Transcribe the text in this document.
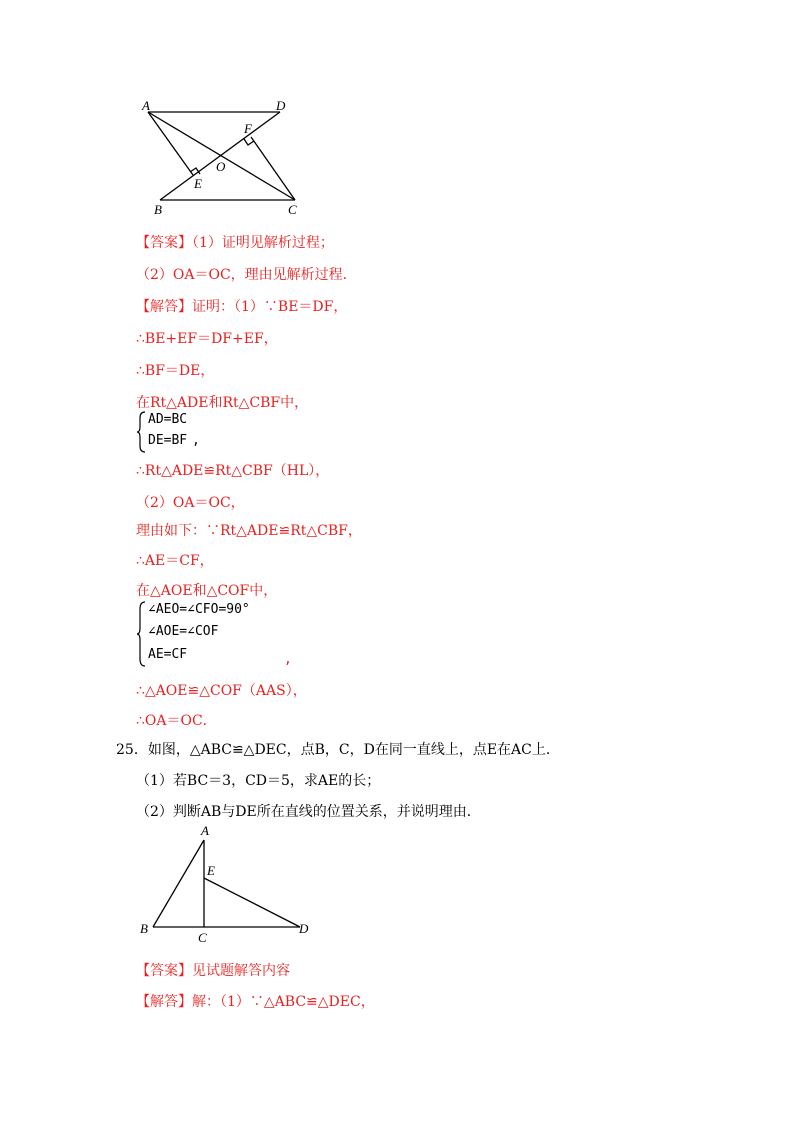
A	D
F
O
E
B	C
【答案】（1）证明见解析过程；
（2）OA＝OC，理由见解析过程．
【解答】证明：（1）∵BE＝DF，
∴BE+EF＝DF+EF，
∴BF＝DE，
在Rt△ADE和Rt△CBF中，
AD=BC
DE=BF ,
∴Rt△ADE≌Rt△CBF（HL），
（2）OA＝OC，
理由如下：∵Rt△ADE≌Rt△CBF，
∴AE＝CF，
在△AOE和△COF中，
∠AEO=∠CFO=90°
∠AOE=∠COF
AE=CF	,
∴△AOE≌△COF（AAS），
∴OA＝OC．
25．如图，△ABC≌△DEC，点B，C，D在同一直线上，点E在AC上．
（1）若BC＝3，CD＝5，求AE的长；
（2）判断AB与DE所在直线的位置关系，并说明理由．
A
E
B
C
D
【答案】见试题解答内容
【解答】解：（1）∵△ABC≌△DEC，
